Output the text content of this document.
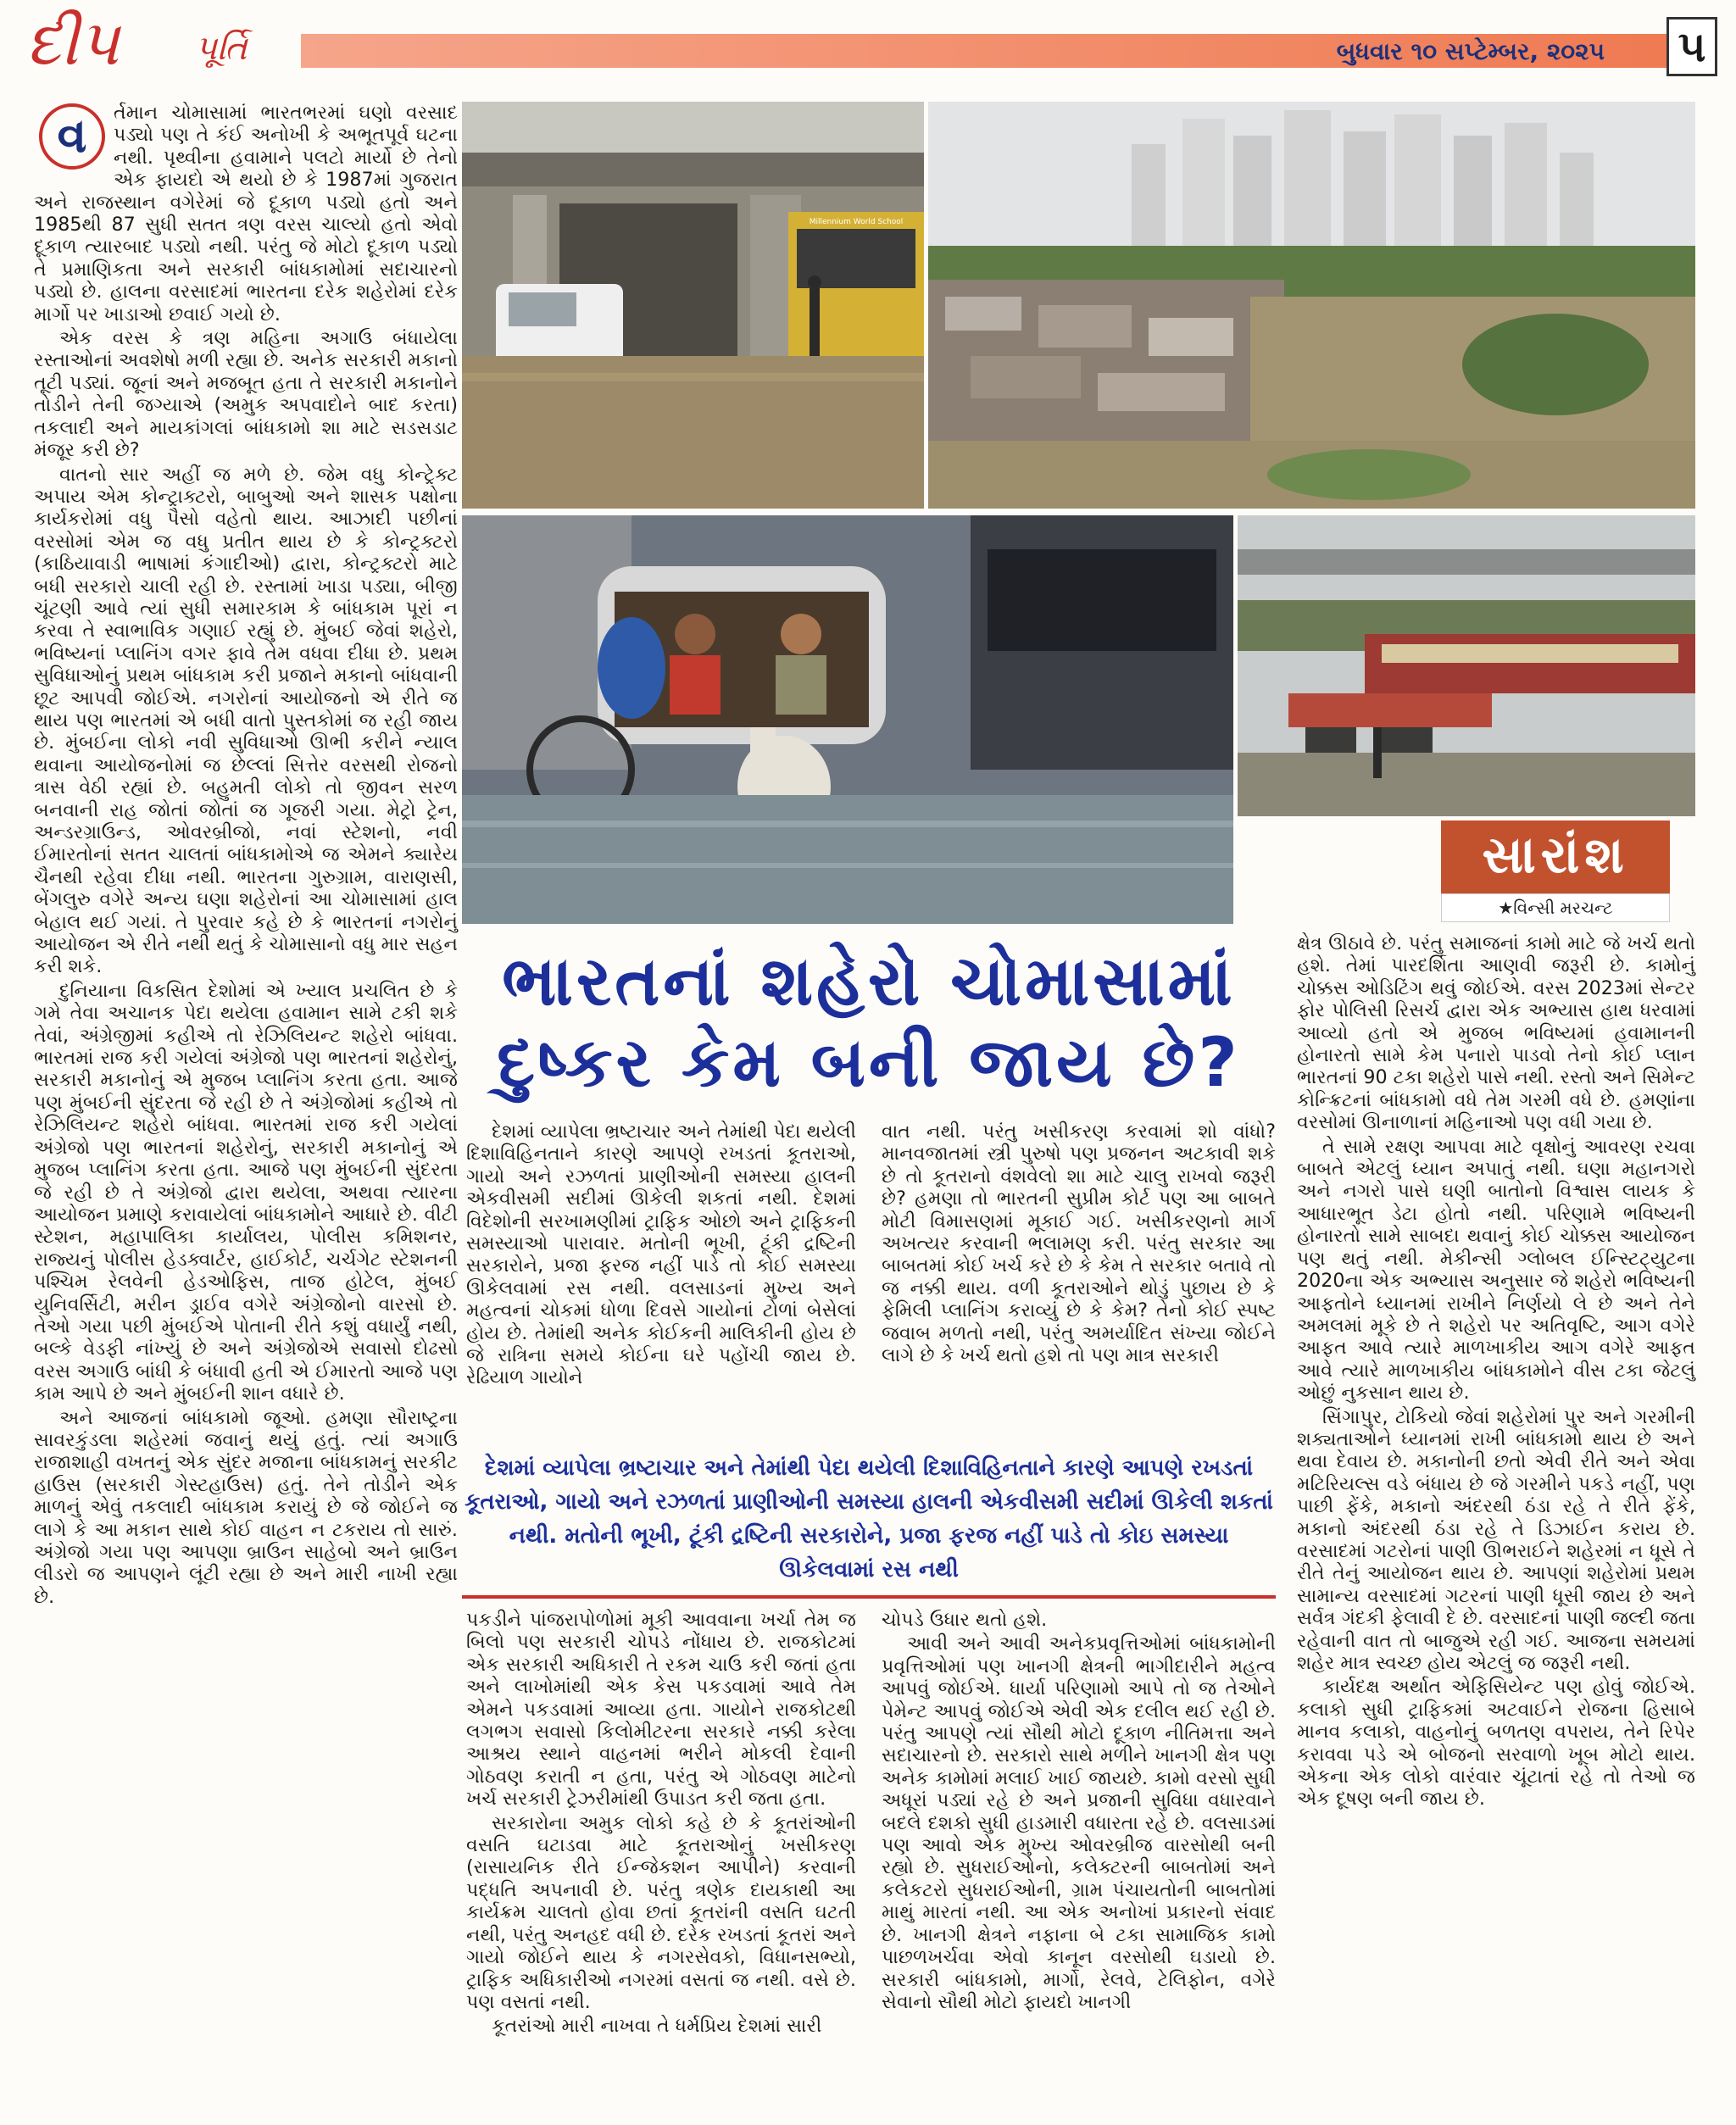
દીપ પૂર્તિ	બુધવાર ૧૦ સપ્ટેમ્બર, ૨૦૨૫ ૫
વ	ર્તમાન ચોમાસામાં ભારતભરમાં ઘણો વરસાદ પડ્યો પણ તે કંઈ અનોખી કે અભૂતપૂર્વ ઘટના નથી. પૃથ્વીના હવામાને પલટો માર્યો છે તેનો એક ફાયદો એ થયો છે કે 1987માં ગુજરાત અને રાજસ્થાન વગેરેમાં જે દૂકાળ પડ્યો હતો અને 1985થી 87 સુધી સતત ત્રણ વરસ ચાલ્યો હતો એવો દૂકાળ ત્યારબાદ પડ્યો નથી. પરંતુ જે મોટો દૂકાળ પડ્યો તે પ્રમાણિકતા અને સરકારી બાંધકામોમાં સદાચારનો પડ્યો છે. હાલના વરસાદમાં ભારતના દરેક શહેરોમાં દરેક માર્ગો પર ખાડાઓ છવાઈ ગયો છે.

એક વરસ કે ત્રણ મહિના અગાઉ બંધાયેલા રસ્તાઓનાં અવશેષો મળી રહ્યા છે. અનેક સરકારી મકાનો તૂટી પડ્યાં. જૂનાં અને મજબૂત હતા તે સરકારી મકાનોને તોડીને તેની જગ્યાએ (અમુક અપવાદોને બાદ કરતા) તકલાદી અને માયકાંગલાં બાંધકામો શા માટે સડસડાટ મંજૂર કરી છે?

વાતનો સાર અહીં જ મળે છે. જેમ વધુ કોન્ટ્રેક્ટ અપાય એમ કોન્ટ્રાક્ટરો, બાબુઓ અને શાસક પક્ષોના કાર્યકરોમાં વધુ પૈસો વહેતો થાય. આઝાદી પછીનાં વરસોમાં એમ જ વધુ પ્રતીત થાય છે કે કોન્ટ્રક્ટરો (કાઠિયાવાડી ભાષામાં કંગાદીઓ) દ્વારા, કોન્ટ્રક્ટરો માટે બધી સરકારો ચાલી રહી છે. રસ્તામાં ખાડા પડ્યા, બીજી ચૂંટણી આવે ત્યાં સુધી સમારકામ કે બાંધકામ પૂરાં ન કરવા તે સ્વાભાવિક ગણાઈ રહ્યું છે. મુંબઈ જેવાં શહેરો, ભવિષ્યનાં પ્લાનિંગ વગર ફાવે તેમ વધવા દીધા છે. પ્રથમ સુવિધાઓનું પ્રથમ બાંધકામ કરી પ્રજાને મકાનો બાંધવાની છૂટ આપવી જોઈએ. નગરોનાં આયોજનો એ રીતે જ થાય પણ ભારતમાં એ બધી વાતો પુસ્તકોમાં જ રહી જાય છે. મુંબઈના લોકો નવી સુવિધાઓ ઊભી કરીને ન્યાલ થવાના આયોજનોમાં જ છેલ્લાં સિત્તેર વરસથી રોજનો ત્રાસ વેઠી રહ્યાં છે. બહુમતી લોકો તો જીવન સરળ બનવાની રાહ જોતાં જોતાં જ ગૂજરી ગયા. મેટ્રો ટ્રેન, અન્ડરગ્રાઉન્ડ, ઓવરબ્રીજો, નવાં સ્ટેશનો, નવી ઈમારતોનાં સતત ચાલતાં બાંધકામોએ જ એમને ક્યારેય ચૈનથી રહેવા દીધા નથી. ભારતના ગુરુગ્રામ, વારાણસી, બેંગલુરુ વગેરે અન્ય ઘણા શહેરોનાં આ ચોમાસામાં હાલ બેહાલ થઈ ગયાં. તે પુરવાર કહે છે કે ભારતનાં નગરોનું આયોજન એ રીતે નથી થતું કે ચોમાસાનો વધુ માર સહન કરી શકે.

દુનિયાના વિકસિત દેશોમાં એ ખ્યાલ પ્રચલિત છે કે ગમે તેવા અચાનક પેદા થયેલા હવામાન સામે ટકી શકે તેવાં, અંગ્રેજીમાં કહીએ તો રેઝિલિયન્ટ શહેરો બાંધવા. ભારતમાં રાજ કરી ગયેલાં અંગ્રેજો પણ ભારતનાં શહેરોનું, સરકારી મકાનોનું એ મુજબ પ્લાનિંગ કરતા હતા. આજે પણ મુંબઈની સુંદરતા જે રહી છે તે અંગ્રેજોમાં કહીએ તો રેઝિલિયન્ટ શહેરો બાંધવા. ભારતમાં રાજ કરી ગયેલાં અંગ્રેજો પણ ભારતનાં શહેરોનું, સરકારી મકાનોનું એ મુજબ પ્લાનિંગ કરતા હતા. આજે પણ મુંબઈની સુંદરતા જે રહી છે તે અંગ્રેજો દ્વારા થયેલા, અથવા ત્યારના આયોજન પ્રમાણે કરાવાયેલાં બાંધકામોને આધારે છે. વીટી સ્ટેશન, મહાપાલિકા કાર્યાલય, પોલીસ કમિશનર, રાજ્યનું પોલીસ હેડક્વાર્ટર, હાઈકોર્ટ, ચર્ચગેટ સ્ટેશનની પશ્ચિમ રેલવેની હેડઓફિસ, તાજ હોટેલ, મુંબઈ યુનિવર્સિટી, મરીન ડ્રાઈવ વગેરે અંગ્રેજોનો વારસો છે. તેઓ ગયા પછી મુંબઈએ પોતાની રીતે કશું વધાર્યું નથી, બલ્કે વેડફી નાંખ્યું છે અને અંગ્રેજોએ સવાસો દોઢસો વરસ અગાઉ બાંધી કે બંધાવી હતી એ ઈમારતો આજે પણ કામ આપે છે અને મુંબઈની શાન વધારે છે.

અને આજનાં બાંધકામો જૂઓ. હમણા સૌરાષ્ટ્રના સાવરકુંડલા શહેરમાં જવાનું થયું હતું. ત્યાં અગાઉ રાજાશાહી વખતનું એક સુંદર મજાના બાંધકામનું સરકીટ હાઉસ (સરકારી ગેસ્ટહાઉસ) હતું. તેને તોડીને એક માળનું એવું તકલાદી બાંધકામ કરાયું છે જે જોઈને જ લાગે કે આ મકાન સાથે કોઈ વાહન ન ટકરાય તો સારું. અંગ્રેજો ગયા પણ આપણા બ્રાઉન સાહેબો અને બ્રાઉન લીડરો જ આપણને લૂંટી રહ્યા છે અને મારી નાખી રહ્યા છે.

Millennium World School
સારાંશ
★વિન્સી મરચન્ટ
ભારતનાં શહેરો ચોમાસામાં
દુષ્કર કેમ બની જાય છે?

દેશમાં વ્યાપેલા ભ્રષ્ટાચાર અને તેમાંથી પેદા થયેલી દિશાવિહિનતાને કારણે આપણે રખડતાં કૂતરાઓ, ગાયો અને રઝળતાં પ્રાણીઓની સમસ્યા હાલની એકવીસમી સદીમાં ઊકેલી શકતાં નથી. દેશમાં વિદેશોની સરખામણીમાં ટ્રાફિક ઓછો અને ટ્રાફિકની સમસ્યાઓ પારાવાર. મતોની ભૂખી, ટૂંકી દ્રષ્ટિની સરકારોને, પ્રજા ફરજ નહીં પાડે તો કોઈ સમસ્યા ઊકેલવામાં રસ નથી. વલસાડનાં મુખ્ય અને મહત્વનાં ચોકમાં ધોળા દિવસે ગાયોનાં ટોળાં બેસેલાં હોય છે. તેમાંથી અનેક કોઈકની માલિકીની હોય છે જે રાત્રિના સમયે કોઈના ઘરે પહોંચી જાય છે. રેઢિયાળ ગાયોને

વાત નથી. પરંતુ ખસીકરણ કરવામાં શો વાંધો? માનવજાતમાં સ્ત્રી પુરુષો પણ પ્રજનન અટકાવી શકે છે તો કૂતરાનો વંશવેલો શા માટે ચાલુ રાખવો જરૂરી છે? હમણા તો ભારતની સુપ્રીમ કોર્ટ પણ આ બાબતે મોટી વિમાસણમાં મૂકાઈ ગઈ. ખસીકરણનો માર્ગ અખત્યર કરવાની ભલામણ કરી. પરંતુ સરકાર આ બાબતમાં કોઈ ખર્ચ કરે છે કે કેમ તે સરકાર બતાવે તો જ નક્કી થાય. વળી કૂતરાઓને થોડું પુછાય છે કે ફેમિલી પ્લાનિંગ કરાવ્યું છે કે કેમ? તેનો કોઈ સ્પષ્ટ જવાબ મળતો નથી, પરંતુ અમર્યાદિત સંખ્યા જોઈને લાગે છે કે ખર્ચ થતો હશે તો પણ માત્ર સરકારી

દેશમાં વ્યાપેલા ભ્રષ્ટાચાર અને તેમાંથી પેદા થયેલી દિશાવિહિનતાને કારણે આપણે રખડતાં કૂતરાઓ, ગાયો અને રઝળતાં પ્રાણીઓની સમસ્યા હાલની એકવીસમી સદીમાં ઊકેલી શકતાં નથી. મતોની ભૂખી, ટૂંકી દ્રષ્ટિની સરકારોને, પ્રજા ફરજ નહીં પાડે તો કોઇ સમસ્યા ઊકેલવામાં રસ નથી

પકડીને પાંજરાપોળોમાં મૂકી આવવાના ખર્ચા તેમ જ બિલો પણ સરકારી ચોપડે નોંધાય છે. રાજકોટમાં એક સરકારી અધિકારી તે રકમ ચાઉ કરી જતાં હતા અને લાખોમાંથી એક કેસ પકડવામાં આવે તેમ એમને પકડવામાં આવ્યા હતા. ગાયોને રાજકોટથી લગભગ સવાસો કિલોમીટરના સરકારે નક્કી કરેલા આશ્રય સ્થાને વાહનમાં ભરીને મોકલી દેવાની ગોઠવણ કરાતી ન હતા, પરંતુ એ ગોઠવણ માટેનો ખર્ચ સરકારી ટ્રેઝરીમાંથી ઉપાડત કરી જતા હતા.

સરકારોના અમુક લોકો કહે છે કે કૂતરાંઓની વસતિ ઘટાડવા માટે કૂતરાઓનું ખસીકરણ (રાસાયનિક રીતે ઈન્જેકશન આપીને) કરવાની પદ્ધતિ અપનાવી છે. પરંતુ ત્રણેક દાયકાથી આ કાર્યક્રમ ચાલતો હોવા છતાં કૂતરાંની વસતિ ઘટતી નથી, પરંતુ અનહદ વધી છે. દરેક રખડતાં કૂતરાં અને ગાયો જોઈને થાય કે નગરસેવકો, વિધાનસભ્યો, ટ્રાફિક અધિકારીઓ નગરમાં વસતાં જ નથી. વસે છે. પણ વસતાં નથી.

કૂતરાંઓ મારી નાખવા તે ધર્મપ્રિય દેશમાં સારી

ચોપડે ઉધાર થતો હશે.

આવી અને આવી અનેકપ્રવૃત્તિઓમાં બાંધકામોની પ્રવૃત્તિઓમાં પણ ખાનગી ક્ષેત્રની ભાગીદારીને મહત્વ આપવું જોઈએ. ધાર્યા પરિણામો આપે તો જ તેઓને પેમેન્ટ આપવું જોઈએ એવી એક દલીલ થઈ રહી છે. પરંતુ આપણે ત્યાં સૌથી મોટો દૂકાળ નીતિમત્તા અને સદાચારનો છે. સરકારો સાથે મળીને ખાનગી ક્ષેત્ર પણ અનેક કામોમાં મલાઈ ખાઈ જાયછે. કામો વરસો સુધી અધૂરાં પડ્યાં રહે છે અને પ્રજાની સુવિધા વધારવાને બદલે દશકો સુધી હાડમારી વધારતા રહે છે. વલસાડમાં પણ આવો એક મુખ્ય ઓવરબ્રીજ વારસોથી બની રહ્યો છે. સુધરાઈઓનો, કલેક્ટરની બાબતોમાં અને કલેકટરો સુધરાઈઓની, ગ્રામ પંચાયતોની બાબતોમાં માથું મારતાં નથી. આ એક અનોખાં પ્રકારનો સંવાદ છે. ખાનગી ક્ષેત્રને નફાના બે ટકા સામાજિક કામો પાછળખર્ચવા એવો કાનૂન વરસોથી ઘડાયો છે. સરકારી બાંધકામો, માર્ગો, રેલવે, ટેલિફોન, વગેરે સેવાનો સૌથી મોટો ફાયદો ખાનગી

ક્ષેત્ર ઊઠાવે છે. પરંતુ સમાજનાં કામો માટે જે ખર્ચ થતો હશે. તેમાં પારદર્શિતા આણવી જરૂરી છે. કામોનું ચોક્કસ ઓડિટિંગ થવું જોઈએ. વરસ 2023માં સેન્ટર ફોર પોલિસી રિસર્ચ દ્વારા એક અભ્યાસ હાથ ધરવામાં આવ્યો હતો એ મુજબ ભવિષ્યમાં હવામાનની હોનારતો સામે કેમ પનારો પાડવો તેનો કોઈ પ્લાન ભારતનાં 90 ટકા શહેરો પાસે નથી. રસ્તો અને સિમેન્ટ કોન્ક્રિટનાં બાંધકામો વધે તેમ ગરમી વધે છે. હમણાંના વરસોમાં ઊનાળાનાં મહિનાઓ પણ વધી ગયા છે.

તે સામે રક્ષણ આપવા માટે વૃક્ષોનું આવરણ રચવા બાબતે એટલું ધ્યાન અપાતું નથી. ઘણા મહાનગરો અને નગરો પાસે ઘણી બાતોનો વિશ્વાસ લાયક કે આધારભૂત ડેટા હોતો નથી. પરિણામે ભવિષ્યની હોનારતો સામે સાબદા થવાનું કોઈ ચોક્કસ આયોજન પણ થતું નથી. મેકીન્સી ગ્લોબલ ઈન્સ્ટિટ્યુટના 2020ના એક અભ્યાસ અનુસાર જે શહેરો ભવિષ્યની આફતોને ધ્યાનમાં રાખીને નિર્ણયો લે છે અને તેને અમલમાં મૂકે છે તે શહેરો પર અતિવૃષ્ટિ, આગ વગેરે આફત આવે ત્યારે માળખાકીય આગ વગેરે આફત આવે ત્યારે માળખાકીય બાંધકામોને વીસ ટકા જેટલું ઓછું નુકસાન થાય છે.

સિંગાપુર, ટોકિયો જેવાં શહેરોમાં પુર અને ગરમીની શક્યતાઓને ધ્યાનમાં રાખી બાંધકામો થાય છે અને થવા દેવાય છે. મકાનોની છતો એવી રીતે અને એવા મટિરિયલ્સ વડે બંધાય છે જે ગરમીને પકડે નહીં, પણ પાછી ફેંકે, મકાનો અંદરથી ઠંડા રહે તે રીતે ફેંકે, મકાનો અંદરથી ઠંડા રહે તે ડિઝાઈન કરાય છે. વરસાદમાં ગટરોનાં પાણી ઊભરાઈને શહેરમાં ન ધૂસે તે રીતે તેનું આયોજન થાય છે. આપણાં શહેરોમાં પ્રથમ સામાન્ય વરસાદમાં ગટરનાં પાણી ધૂસી જાય છે અને સર્વત્ર ગંદકી ફેલાવી દે છે. વરસાદનાં પાણી જલ્દી જતા રહેવાની વાત તો બાજુએ રહી ગઈ. આજના સમયમાં શહેર માત્ર સ્વચ્છ હોય એટલું જ જરૂરી નથી.

કાર્યદક્ષ અર્થાત એફિસિયેન્ટ પણ હોવું જોઈએ. કલાકો સુધી ટ્રાફિકમાં અટવાઈને રોજના હિસાબે માનવ કલાકો, વાહનોનું બળતણ વપરાય, તેને રિપેર કરાવવા પડે એ બોજનો સરવાળો ખૂબ મોટો થાય. એકના એક લોકો વારંવાર ચૂંટાતાં રહે તો તેઓ જ એક દૂષણ બની જાય છે.
